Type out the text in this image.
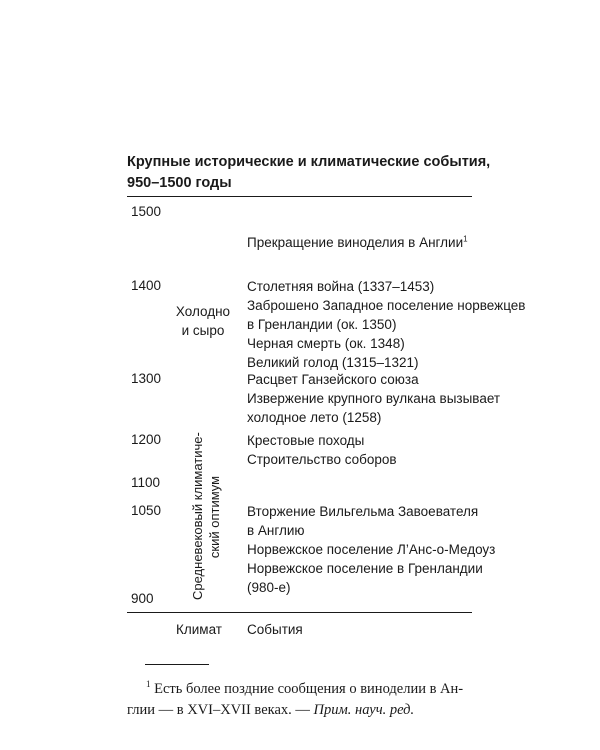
Крупные исторические и климатические события,
950–1500 годы
1500
1400
1300
1200
1100
1050
900
Холодно
и сыро
Средневековый климатиче- ский оптимум
Прекращение виноделия в Англии$^1$
Столетняя война (1337–1453)
Заброшено Западное поселение норвежцев
в Гренландии (ок. 1350)
Черная смерть (ок. 1348)
Великий голод (1315–1321)
Расцвет Ганзейского союза
Извержение крупного вулкана вызывает
холодное лето (1258)
Крестовые походы
Строительство соборов
Вторжение Вильгельма Завоевателя
в Англию
Норвежское поселение Л’Анс-о-Медоуз
Норвежское поселение в Гренландии
(980-е)
Климат События
$^1$ Есть более поздние сообщения о виноделии в Ан-
глии — в XVI–XVII веках. — Прим. науч. ред.
